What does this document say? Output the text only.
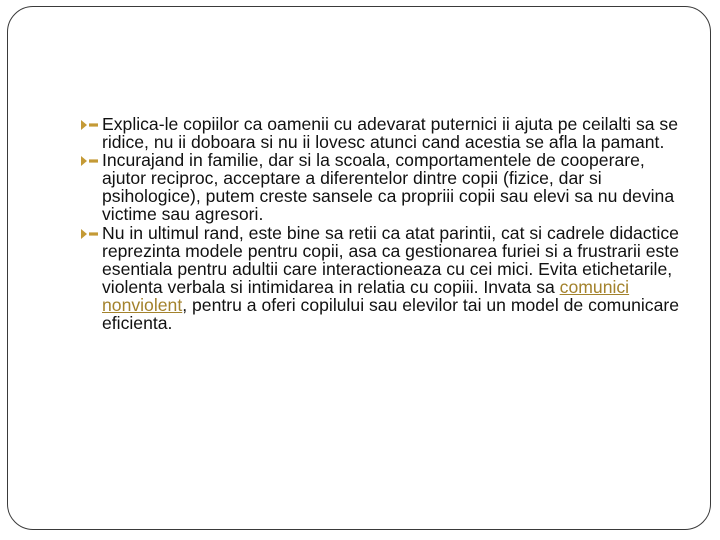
Explica-le copiilor ca oamenii cu adevarat puternici ii ajuta pe ceilalti sa se ridice, nu ii doboara si nu ii lovesc atunci cand acestia se afla la pamant.
Incurajand in familie, dar si la scoala, comportamentele de cooperare, ajutor reciproc, acceptare a diferentelor dintre copii (fizice, dar si psihologice), putem creste sansele ca propriii copii sau elevi sa nu devina victime sau agresori.
Nu in ultimul rand, este bine sa retii ca atat parintii, cat si cadrele didactice reprezinta modele pentru copii, asa ca gestionarea furiei si a frustrarii este esentiala pentru adultii care interactioneaza cu cei mici. Evita etichetarile, violenta verbala si intimidarea in relatia cu copiii. Invata sa comunici nonviolent, pentru a oferi copilului sau elevilor tai un model de comunicare eficienta.
